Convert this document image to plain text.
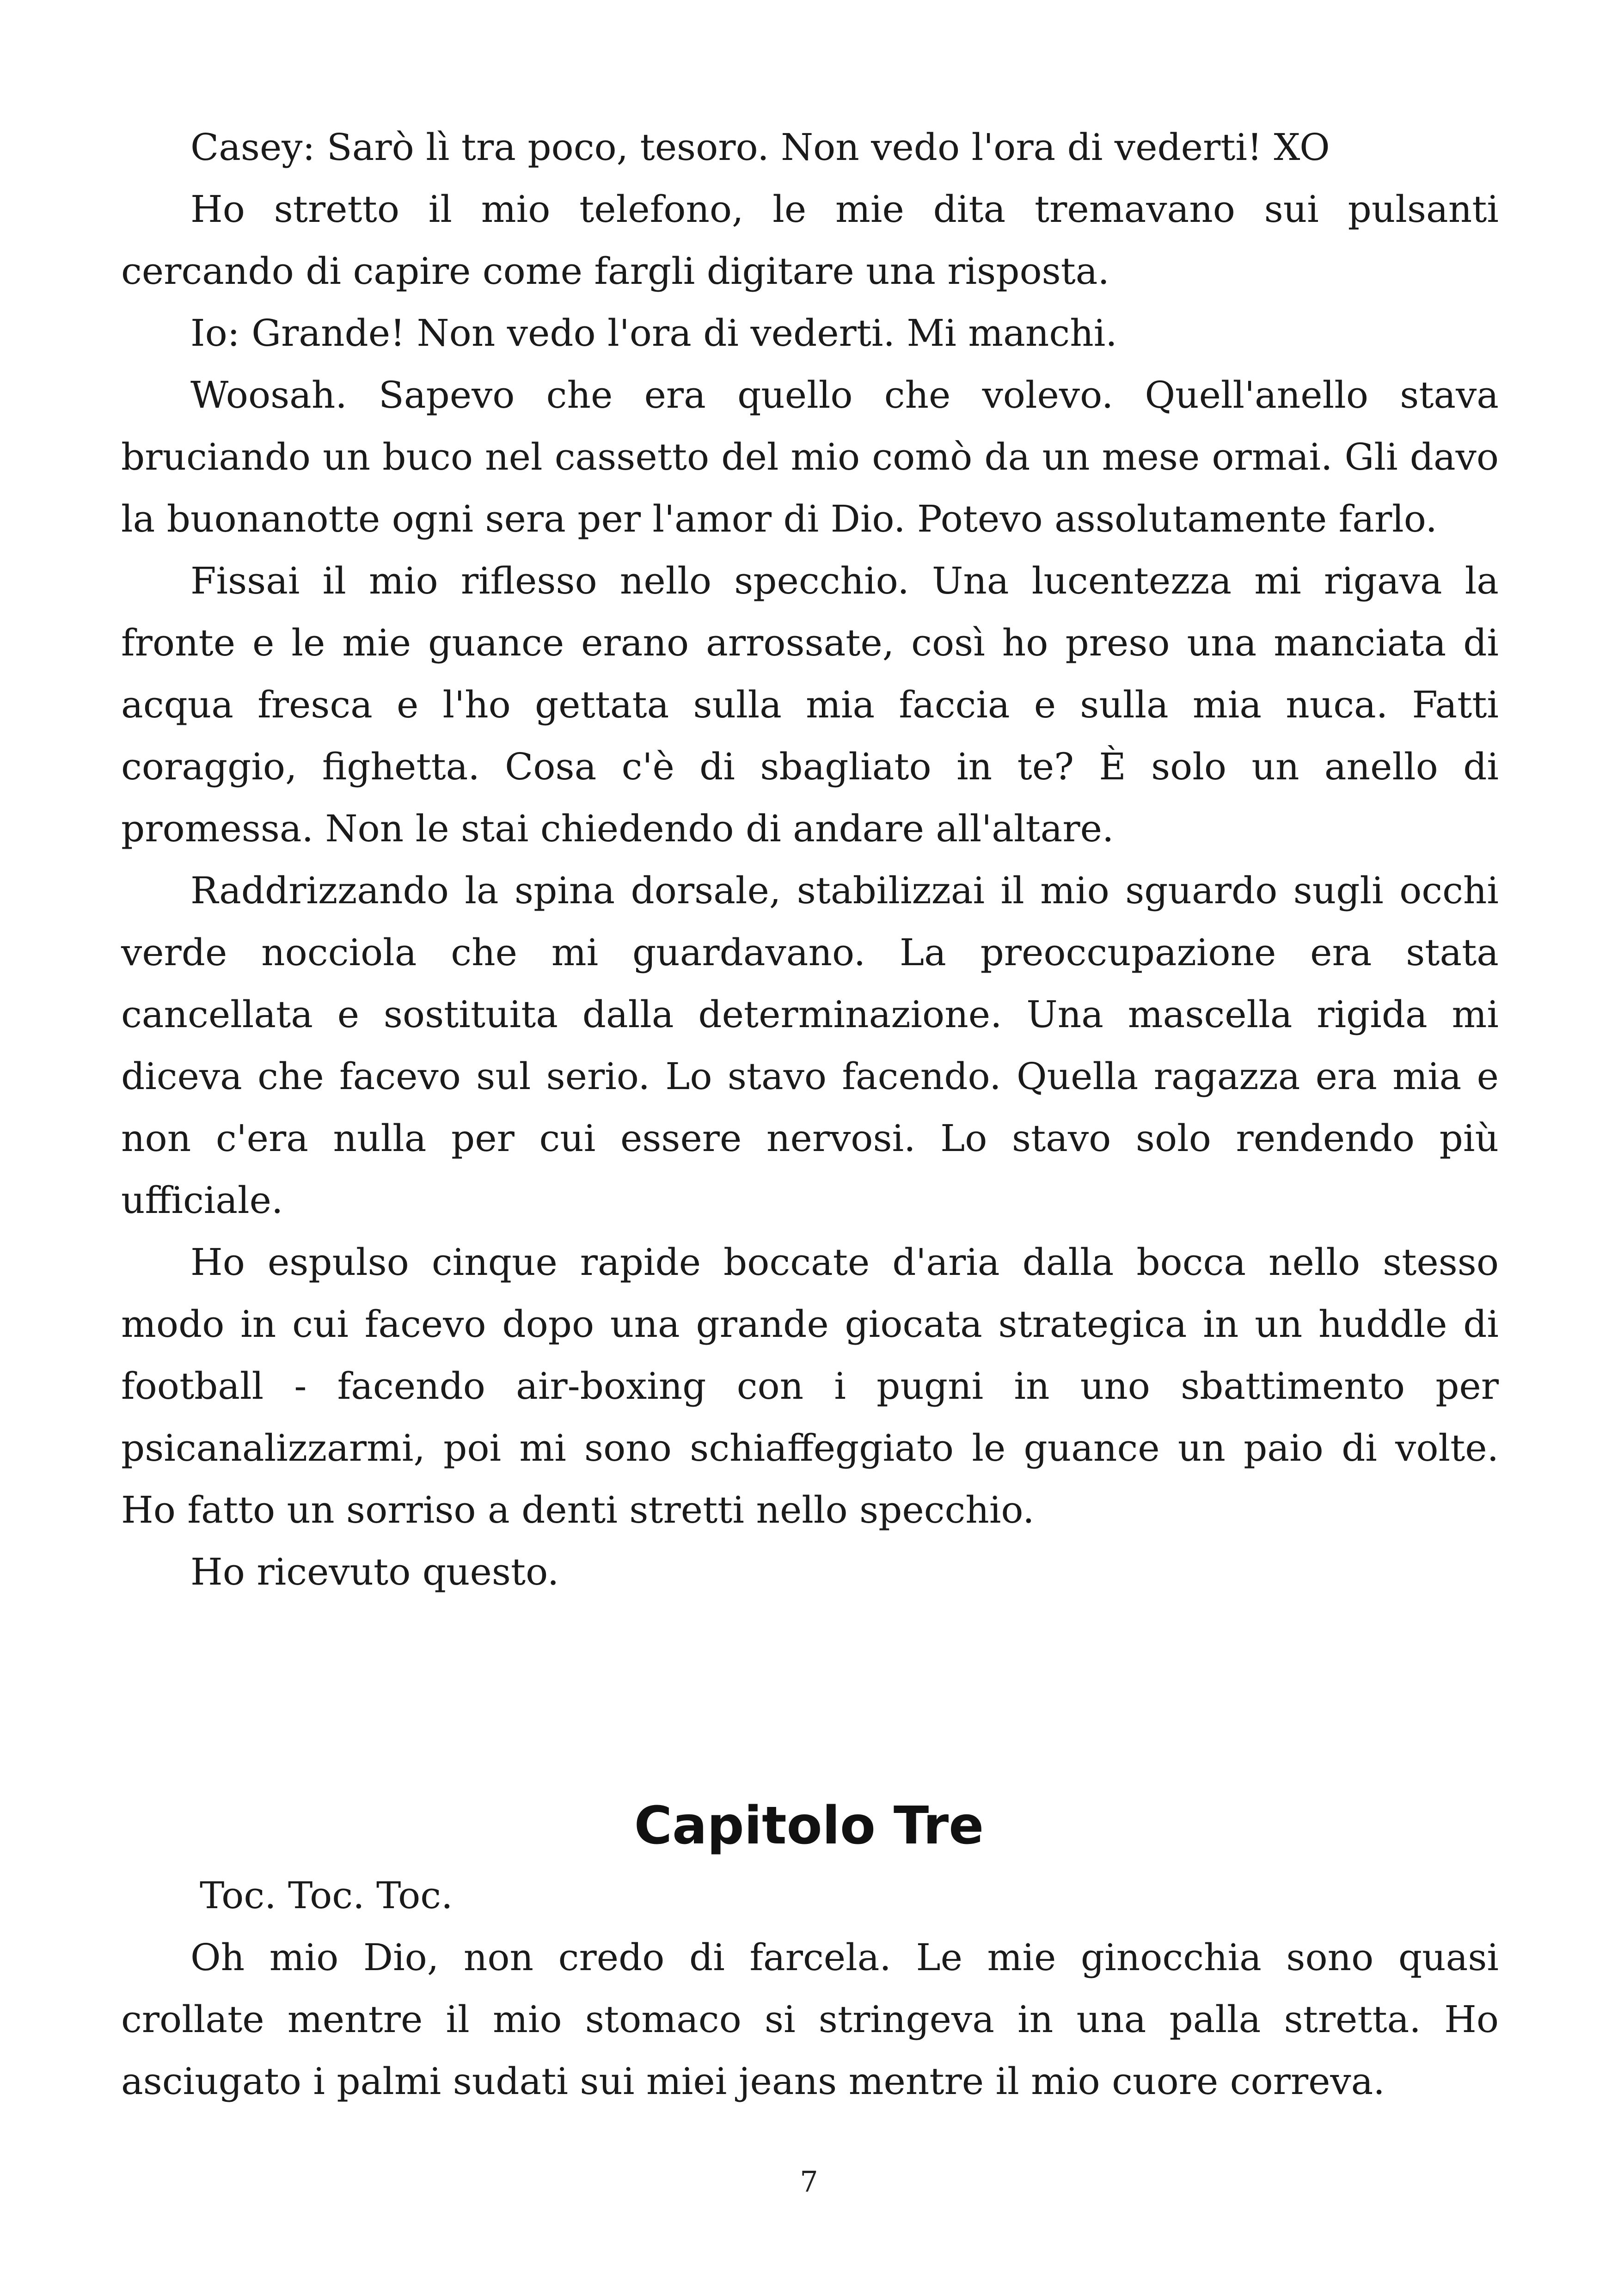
Casey: Sarò lì tra poco, tesoro. Non vedo l'ora di vederti! XO

Ho stretto il mio telefono, le mie dita tremavano sui pulsanti cercando di capire come fargli digitare una risposta.

Io: Grande! Non vedo l'ora di vederti. Mi manchi.

Woosah. Sapevo che era quello che volevo. Quell'anello stava bruciando un buco nel cassetto del mio comò da un mese ormai. Gli davo la buonanotte ogni sera per l'amor di Dio. Potevo assolutamente farlo.

Fissai il mio riflesso nello specchio. Una lucentezza mi rigava la fronte e le mie guance erano arrossate, così ho preso una manciata di acqua fresca e l'ho gettata sulla mia faccia e sulla mia nuca. Fatti coraggio, fighetta. Cosa c'è di sbagliato in te? È solo un anello di promessa. Non le stai chiedendo di andare all'altare.

Raddrizzando la spina dorsale, stabilizzai il mio sguardo sugli occhi verde nocciola che mi guardavano. La preoccupazione era stata cancellata e sostituita dalla determinazione. Una mascella rigida mi diceva che facevo sul serio. Lo stavo facendo. Quella ragazza era mia e non c'era nulla per cui essere nervosi. Lo stavo solo rendendo più ufficiale.

Ho espulso cinque rapide boccate d'aria dalla bocca nello stesso modo in cui facevo dopo una grande giocata strategica in un huddle di football - facendo air-boxing con i pugni in uno sbattimento per psicanalizzarmi, poi mi sono schiaffeggiato le guance un paio di volte. Ho fatto un sorriso a denti stretti nello specchio.

Ho ricevuto questo.

Capitolo Tre

Toc. Toc. Toc.

Oh mio Dio, non credo di farcela. Le mie ginocchia sono quasi crollate mentre il mio stomaco si stringeva in una palla stretta. Ho asciugato i palmi sudati sui miei jeans mentre il mio cuore correva.

7
